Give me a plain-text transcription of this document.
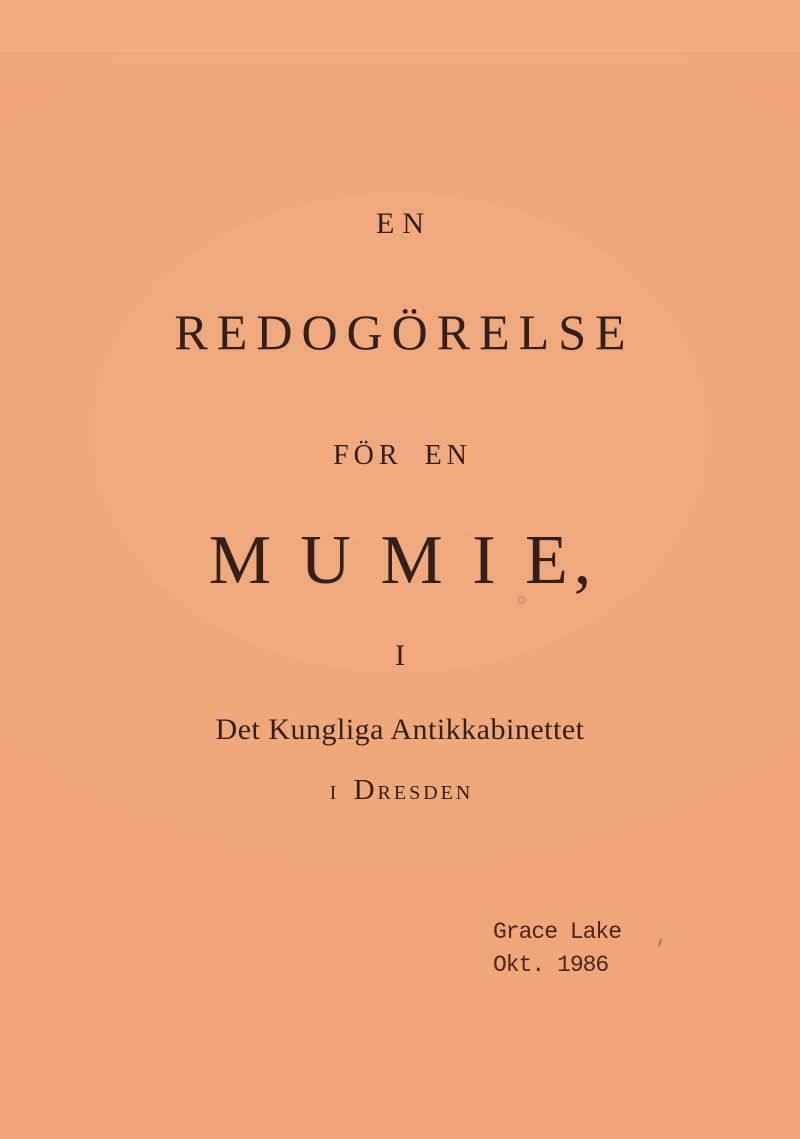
EN
REDOGÖRELSE
FÖR EN
M U M I E,
I
Det Kungliga Antikkabinettet
i Dresden
Grace Lake
Okt. 1986
